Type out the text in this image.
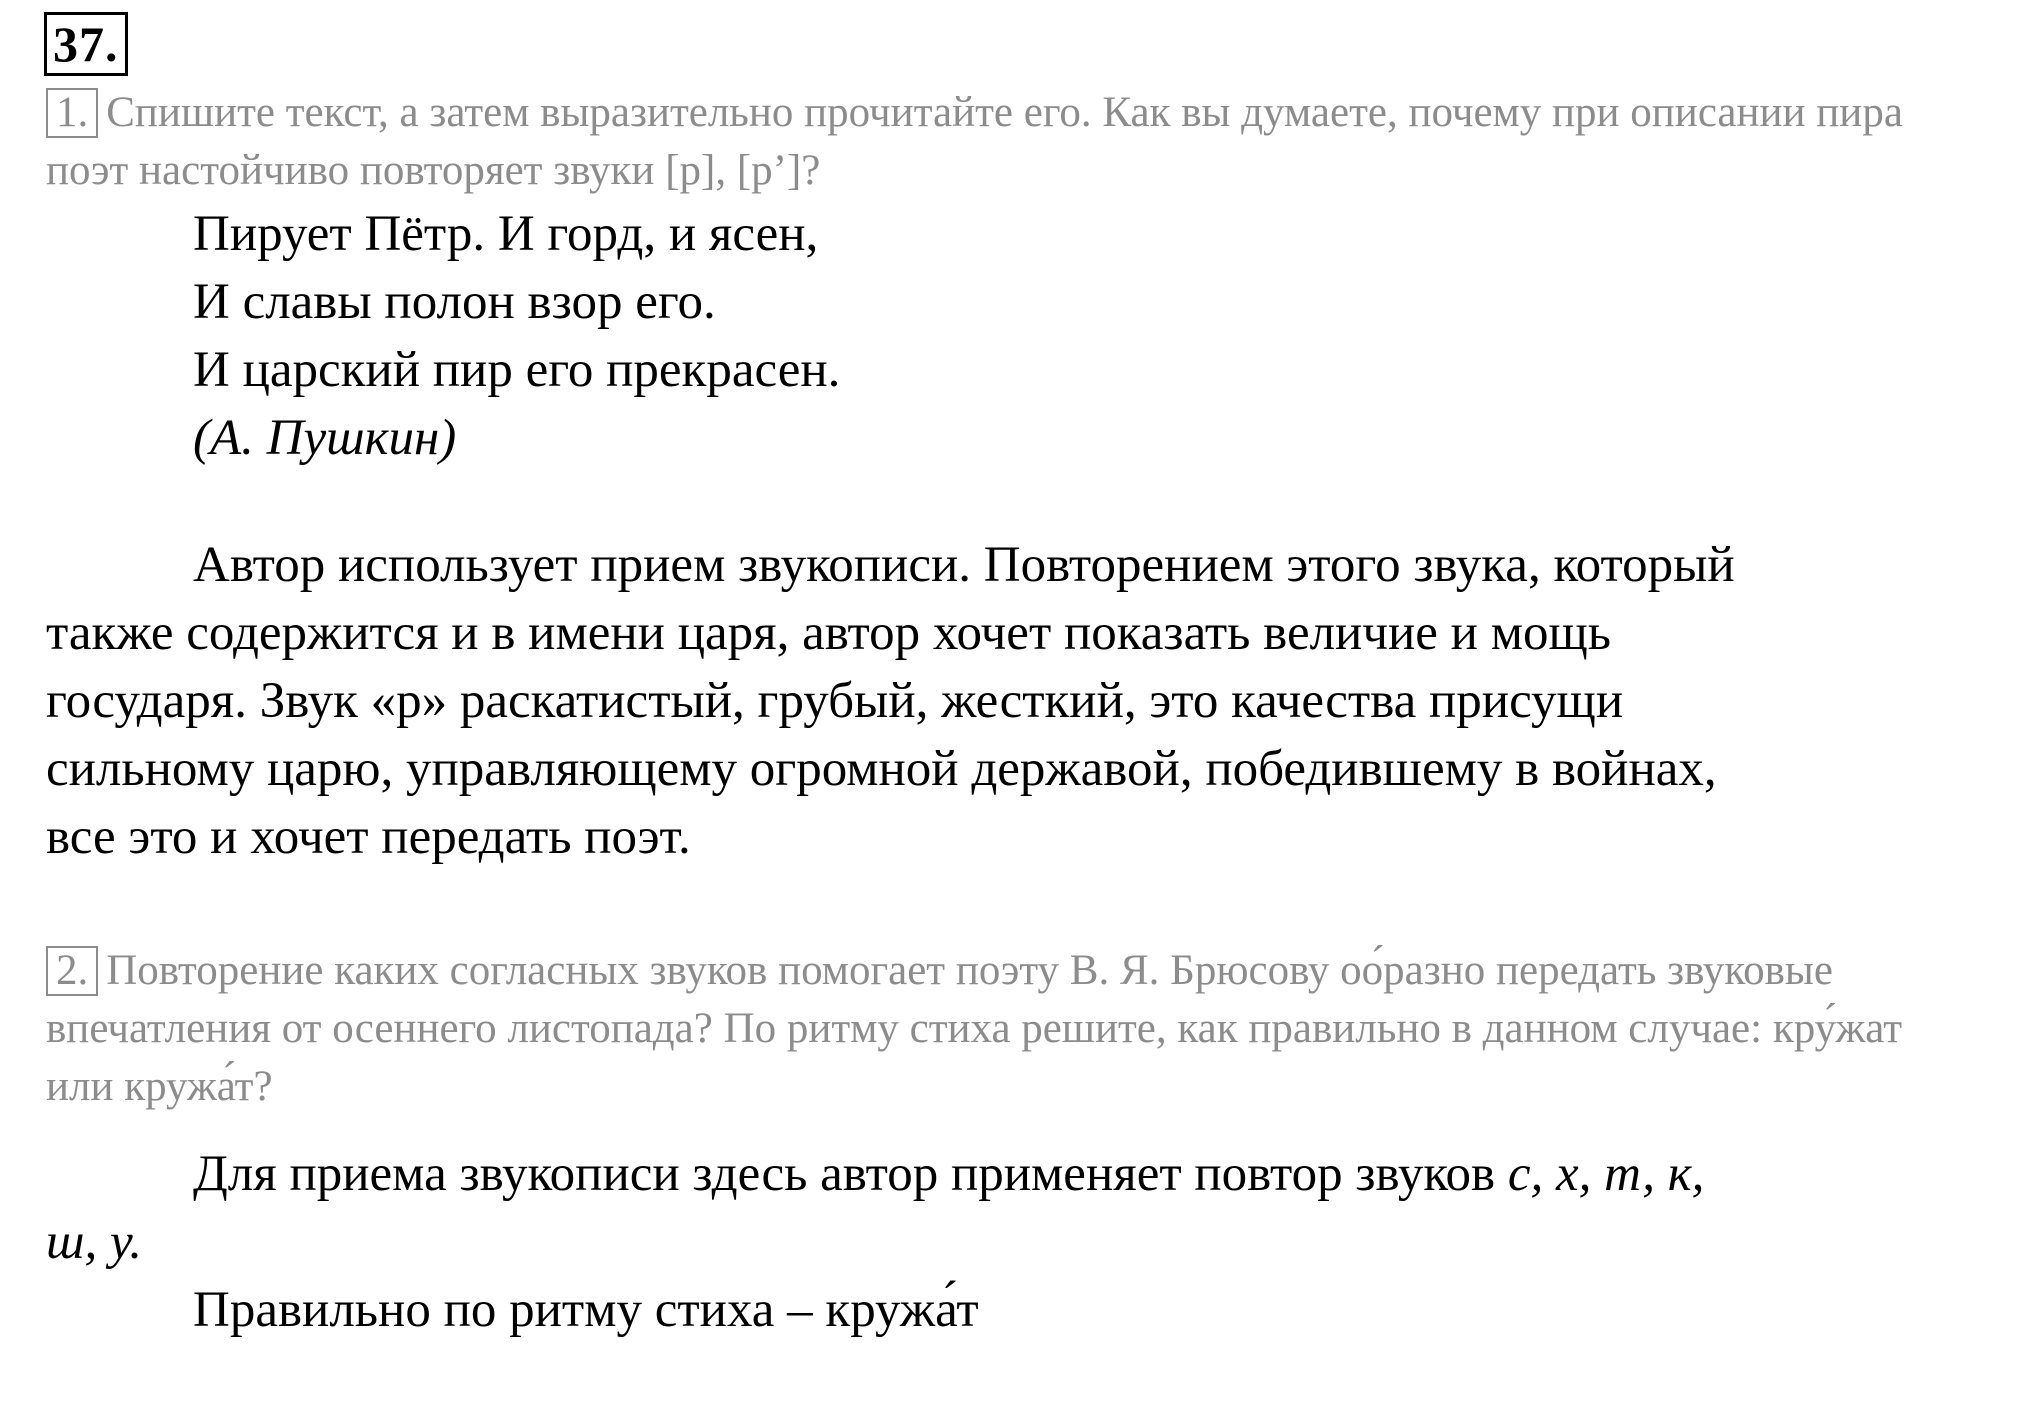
37.

1. Спишите текст, а затем выразительно прочитайте его. Как вы думаете, почему при описании пира поэт настойчиво повторяет звуки [р], [р’]?

Пирует Пётр. И горд, и ясен,
И славы полон взор его.
И царский пир его прекрасен.
(А. Пушкин)

Автор использует прием звукописи. Повторением этого звука, который

также содержится и в имени царя, автор хочет показать величие и мощь

государя. Звук «р» раскатистый, грубый, жесткий, это качества присущи

сильному царю, управляющему огромной державой, победившему в войнах,

все это и хочет передать поэт.

2. Повторение каких согласных звуков помогает поэту В. Я. Брюсову оо́разно передать звуковые впечатления от осеннего листопада? По ритму стиха решите, как правильно в данном случае: кру́жат или кружа́т?

Для приема звукописи здесь автор применяет повтор звуков с, х, т, к,

ш, у.

Правильно по ритму стиха – кружа́т
